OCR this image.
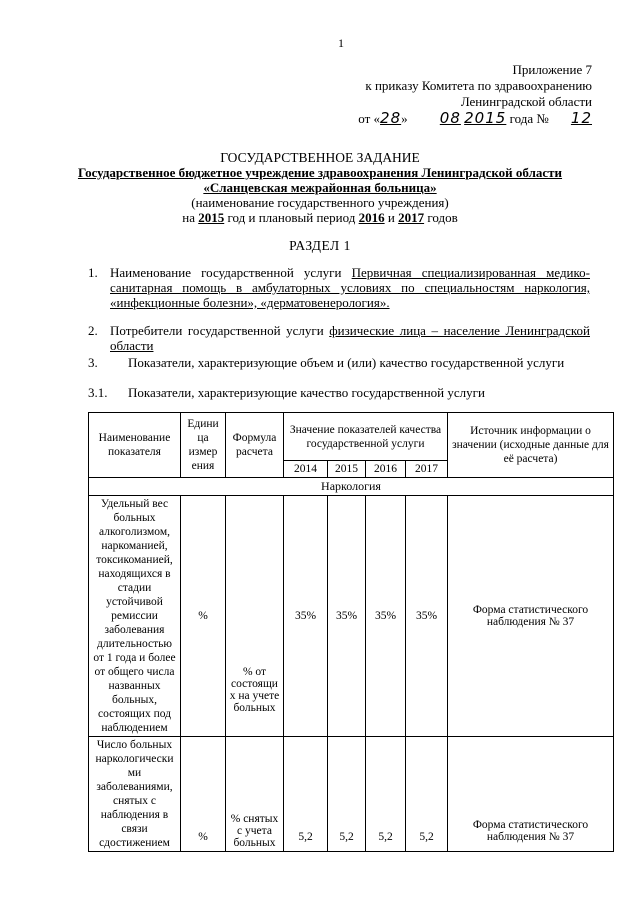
1
Приложение 7
к приказу Комитета по здравоохранению
Ленинградской области
от «28» 08 2015 года № 12
ГОСУДАРСТВЕННОЕ ЗАДАНИЕ
Государственное бюджетное учреждение здравоохранения Ленинградской области
«Сланцевская межрайонная больница»
(наименование государственного учреждения)
на 2015 год и плановый период 2016 и 2017 годов
РАЗДЕЛ 1
1. Наименование государственной услуги Первичная специализированная медико-санитарная помощь в амбулаторных условиях по специальностям наркология, «инфекционные болезни», «дерматовенерология».
2. Потребители государственной услуги физические лица – население Ленинградской области
3. Показатели, характеризующие объем и (или) качество государственной услуги
3.1. Показатели, характеризующие качество государственной услуги
Наименование показателя	Едини ца измер ения	Формула расчета	Значение показателей качества государственной услуги				Источник информации о значении (исходные данные для её расчета)
			2014	2015	2016	2017	
Наркология							
Удельный вес больных алкоголизмом, наркоманией, токсикоманией, находящихся в стадии устойчивой ремиссии заболевания длительностью от 1 года и более от общего числа названных больных, состоящих под наблюдением	%	% от состоящи х на учете больных	35%	35%	35%	35%	Форма статистического наблюдения № 37
Число больных наркологически ми заболеваниями, снятых с наблюдения в связи сдостижением	%	% снятых с учета больных	5,2	5,2	5,2	5,2	Форма статистического наблюдения № 37
